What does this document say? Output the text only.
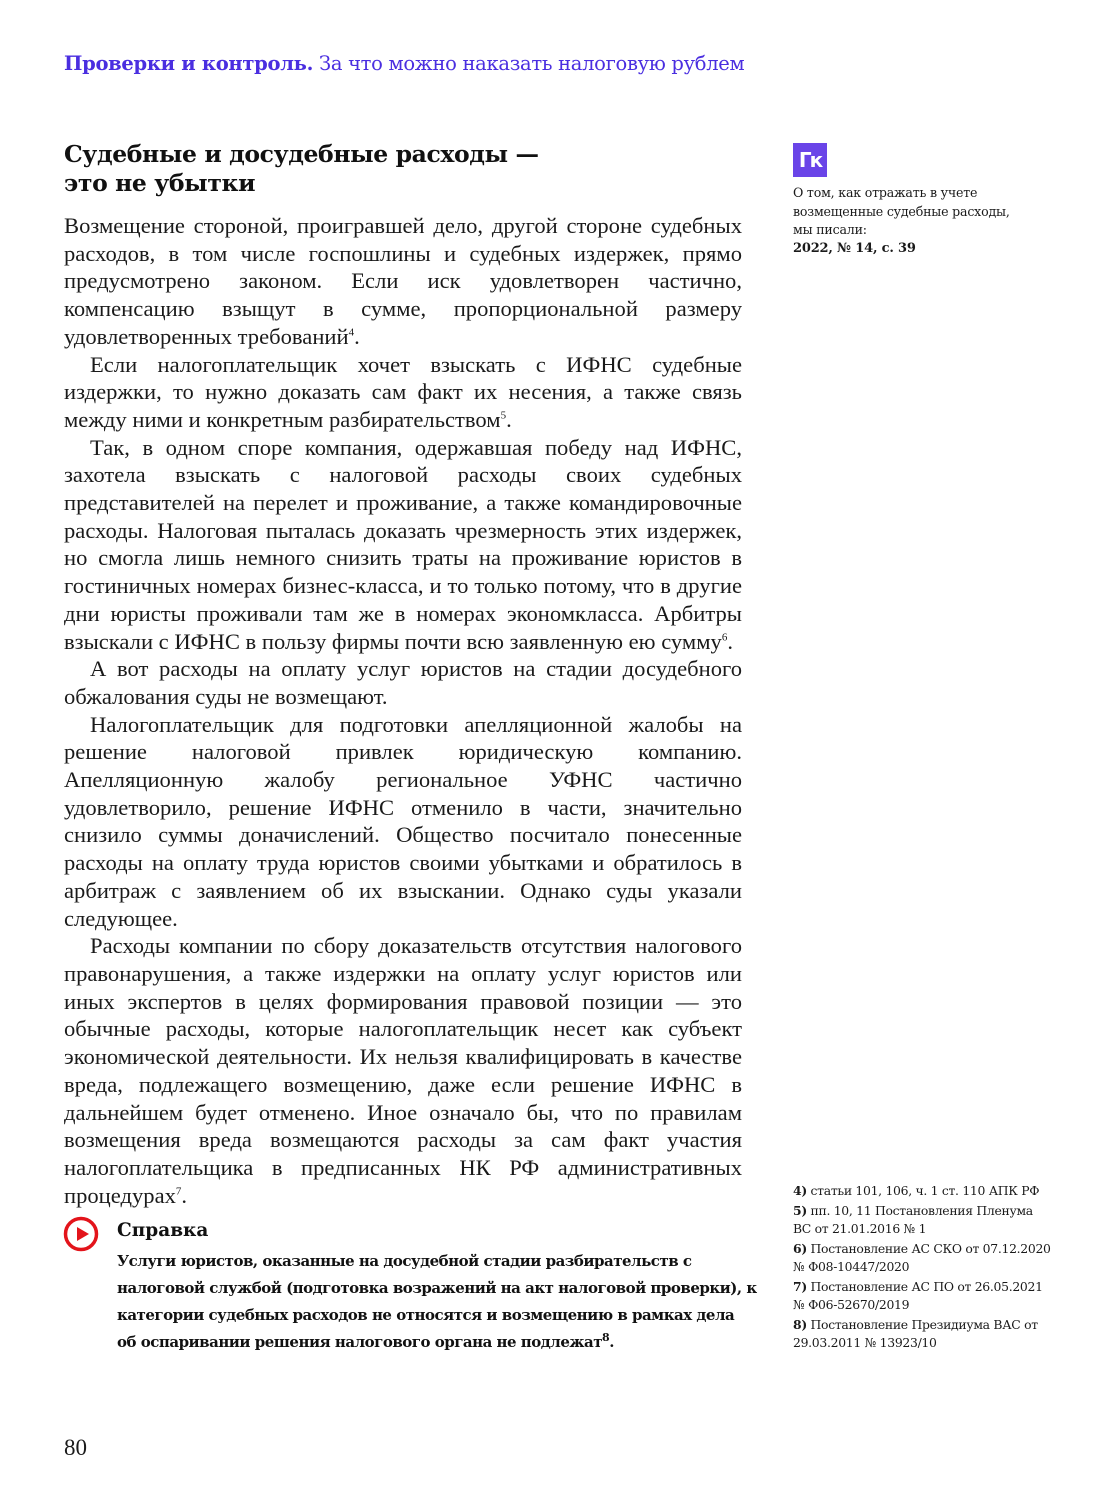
Проверки и контроль. За что можно наказать налоговую рублем
Судебные и досудебные расходы —
это не убытки

Возмещение стороной, проигравшей дело, другой стороне судебных расходов, в том числе госпошлины и судебных издержек, прямо предусмотрено законом. Если иск удовлетворен частично, компенсацию взыщут в сумме, пропорциональной размеру удовлетворенных требований$^4$.

Если налогоплательщик хочет взыскать с ИФНС судебные издержки, то нужно доказать сам факт их несения, а также связь между ними и конкретным разбирательством$^5$.

Так, в одном споре компания, одержавшая победу над ИФНС, захотела взыскать с налоговой расходы своих судебных представителей на перелет и проживание, а также командировочные расходы. Налоговая пыталась доказать чрезмерность этих издержек, но смогла лишь немного снизить траты на проживание юристов в гостиничных номерах бизнес-класса, и то только потому, что в другие дни юристы проживали там же в номерах экономкласса. Арбитры взыскали с ИФНС в пользу фирмы почти всю заявленную ею сумму$^6$.

А вот расходы на оплату услуг юристов на стадии досудебного обжалования суды не возмещают.

Налогоплательщик для подготовки апелляционной жалобы на решение налоговой привлек юридическую компанию. Апелляционную жалобу региональное УФНС частично удовлетворило, решение ИФНС отменило в части, значительно снизило суммы доначислений. Общество посчитало понесенные расходы на оплату труда юристов своими убытками и обратилось в арбитраж с заявлением об их взыскании. Однако суды указали следующее.

Расходы компании по сбору доказательств отсутствия налогового правонарушения, а также издержки на оплату услуг юристов или иных экспертов в целях формирования правовой позиции — это обычные расходы, которые налогоплательщик несет как субъект экономической деятельности. Их нельзя квалифицировать в качестве вреда, подлежащего возмещению, даже если решение ИФНС в дальнейшем будет отменено. Иное означало бы, что по правилам возмещения вреда возмещаются расходы за сам факт участия налогоплательщика в предписанных НК РФ административных процедурах$^7$.

Гк
О том, как отражать в учете возмещенные судебные расходы, мы писали:
2022, № 14, с. 39
Справка
Услуги юристов, оказанные на досудебной стадии разбирательств с налоговой службой (подготовка возражений на акт налоговой проверки), к категории судебных расходов не относятся и возмещению в рамках дела об оспаривании решения налогового органа не подлежат$^8$.
4) статьи 101, 106, ч. 1 ст. 110 АПК РФ
5) пп. 10, 11 Постановления Пленума ВС от 21.01.2016 № 1
6) Постановление АС СКО от 07.12.2020 № Ф08-10447/2020
7) Постановление АС ПО от 26.05.2021 № Ф06-52670/2019
8) Постановление Президиума ВАС от 29.03.2011 № 13923/10
80
